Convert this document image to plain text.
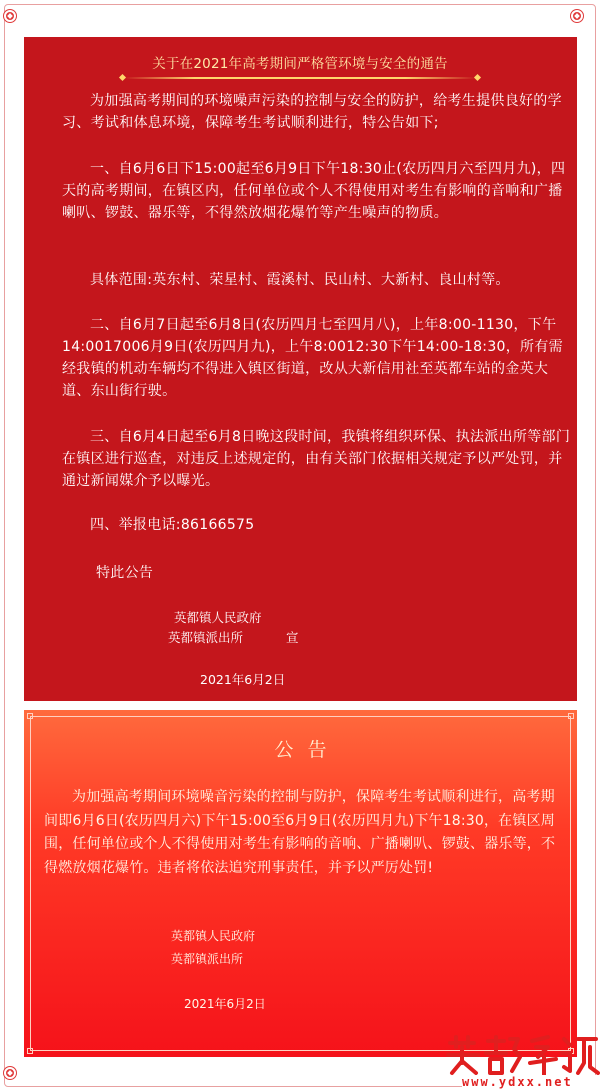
关于在2021年高考期间严格管环境与安全的通告
为加强高考期间的环境噪声污染的控制与安全的防护，给考生提供良好的学习、考试和体息环境，保障考生考试顺利进行，特公告如下;
一、自6月6日下15:00起至6月9日下午18:30止(农历四月六至四月九)，四天的高考期间，在镇区内，任何单位或个人不得使用对考生有影响的音响和广播喇叭、锣鼓、器乐等，不得然放烟花爆竹等产生噪声的物质。
具体范围:英东村、荣星村、霞溪村、民山村、大新村、良山村等。
二、自6月7日起至6月8日(农历四月七至四月八)，上年8:00-1130，下午14:0017006月9日(农历四月九)，上午8:0012:30下午14:00-18:30，所有需经我镇的机动车辆均不得进入镇区街道，改从大新信用社至英都车站的金英大道、东山街行驶。
三、自6月4日起至6月8日晚这段时间，我镇将组织环保、执法派出所等部门在镇区进行巡查，对违反上述规定的，由有关部门依据相关规定予以严处罚，并通过新闻媒介予以曝光。
四、举报电话:86166575
特此公告
英都镇人民政府
英都镇派出所	宣
2021年6月2日
公告
为加强高考期间环境噪音污染的控制与防护，保障考生考试顺利进行，高考期间即6月6日(农历四月六)下午15:00至6月9日(农历四月九)下午18:30，在镇区周围，任何单位或个人不得使用对考生有影响的音响、广播喇叭、锣鼓、器乐等，不得燃放烟花爆竹。违者将依法追究刑事责任，并予以严厉处罚!
英都镇人民政府
英都镇派出所
2021年6月2日
www.ydxx.net
